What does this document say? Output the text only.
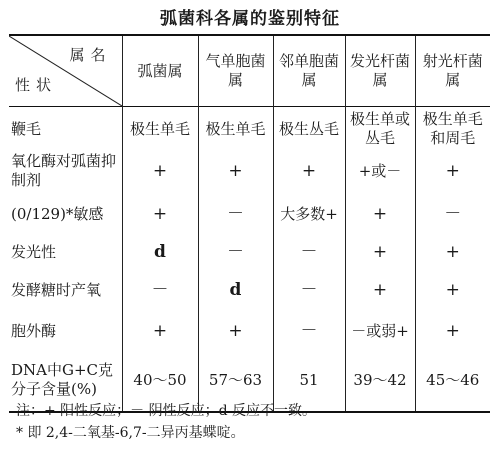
弧菌科各属的鉴别特征
属名
性状	弧菌属	气单胞菌属	邻单胞菌属	发光杆菌属	射光杆菌属
鞭毛	极生单毛	极生单毛	极生丛毛	极生单或丛毛	极生单毛和周毛
氧化酶对弧菌抑制剂	+	+	+	+或－	+
(0/129)*敏感	+	－	大多数+	+	－
发光性	d	－	－	+	+
发酵糖时产氧	－	d	－	+	+
胞外酶	+	+	－	－或弱+	+
DNA中G+C克分子含量(%)	40～50	57～63	51	39～42	45～46
注：+ 阳性反应；－ 阴性反应；d 反应不一致。
* 即 2,4-二氧基-6,7-二异丙基蝶啶。
